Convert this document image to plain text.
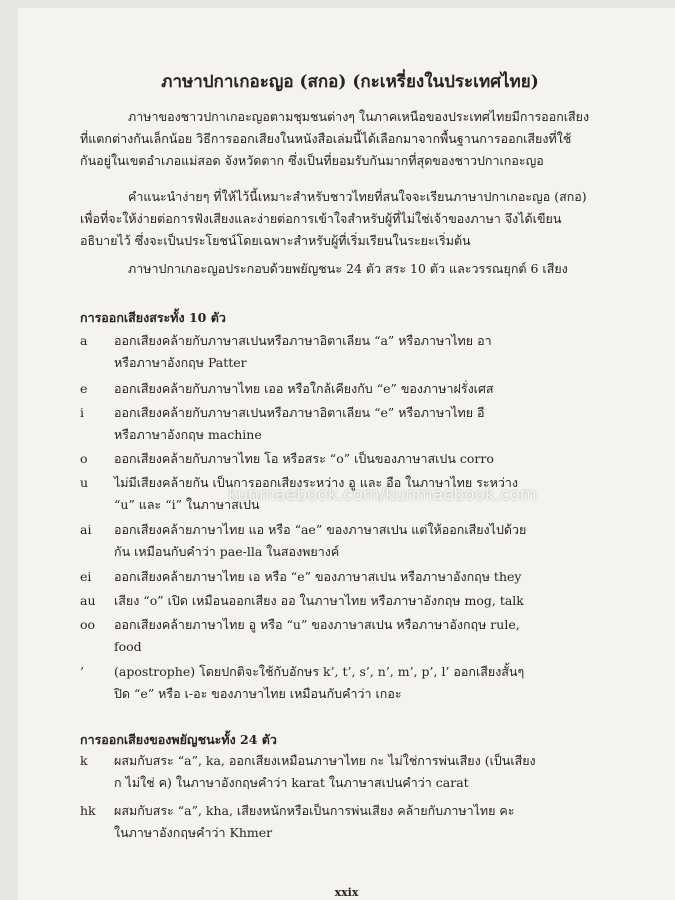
ภาษาปกาเกอะญอ (สกอ) (กะเหรี่ยงในประเทศไทย)
ภาษาของชาวปกาเกอะญอตามชุมชนต่างๆ ในภาคเหนือของประเทศไทยมีการออกเสียง
ที่แตกต่างกันเล็กน้อย วิธีการออกเสียงในหนังสือเล่มนี้ได้เลือกมาจากพื้นฐานการออกเสียงที่ใช้
กันอยู่ในเขตอำเภอแม่สอด จังหวัดตาก ซึ่งเป็นที่ยอมรับกันมากที่สุดของชาวปกาเกอะญอ
คำแนะนำง่ายๆ ที่ให้ไว้นี้เหมาะสำหรับชาวไทยที่สนใจจะเรียนภาษาปกาเกอะญอ (สกอ)
เพื่อที่จะให้ง่ายต่อการฟังเสียงและง่ายต่อการเข้าใจสำหรับผู้ที่ไม่ใช่เจ้าของภาษา จึงได้เขียน
อธิบายไว้ ซึ่งจะเป็นประโยชน์โดยเฉพาะสำหรับผู้ที่เริ่มเรียนในระยะเริ่มต้น
ภาษาปกาเกอะญอประกอบด้วยพยัญชนะ 24 ตัว สระ 10 ตัว และวรรณยุกต์ 6 เสียง
การออกเสียงสระทั้ง 10 ตัว
a	ออกเสียงคล้ายกับภาษาสเปนหรือภาษาอิตาเลียน “a” หรือภาษาไทย อา
หรือภาษาอังกฤษ Patter
e	ออกเสียงคล้ายกับภาษาไทย เออ หรือใกล้เคียงกับ “e” ของภาษาฝรั่งเศส
i	ออกเสียงคล้ายกับภาษาสเปนหรือภาษาอิตาเลียน “e” หรือภาษาไทย อี
หรือภาษาอังกฤษ machine
o	ออกเสียงคล้ายกับภาษาไทย โอ หรือสระ “o” เป็นของภาษาสเปน corro
u	ไม่มีเสียงคล้ายกัน เป็นการออกเสียงระหว่าง อู และ อือ ในภาษาไทย ระหว่าง
“u” และ “i” ในภาษาสเปน
ai	ออกเสียงคล้ายภาษาไทย แอ หรือ “ae” ของภาษาสเปน แต่ให้ออกเสียงไปด้วย
กัน เหมือนกับคำว่า pae-lla ในสองพยางค์
ei	ออกเสียงคล้ายภาษาไทย เอ หรือ “e” ของภาษาสเปน หรือภาษาอังกฤษ they
au	เสียง “o” เปิด เหมือนออกเสียง ออ ในภาษาไทย หรือภาษาอังกฤษ mog, talk
oo	ออกเสียงคล้ายภาษาไทย อู หรือ “u” ของภาษาสเปน หรือภาษาอังกฤษ rule,
food
’	(apostrophe) โดยปกติจะใช้กับอักษร k’, t’, s’, n’, m’, p’, l’ ออกเสียงสั้นๆ
ปิด “e” หรือ เ-อะ ของภาษาไทย เหมือนกับคำว่า เกอะ
การออกเสียงของพยัญชนะทั้ง 24 ตัว
k	ผสมกับสระ “a”, ka, ออกเสียงเหมือนภาษาไทย กะ ไม่ใช่การพ่นเสียง (เป็นเสียง
ก ไม่ใช่ ค) ในภาษาอังกฤษคำว่า karat ในภาษาสเปนคำว่า carat
hk	ผสมกับสระ “a”, kha, เสียงหนักหรือเป็นการพ่นเสียง คล้ายกับภาษาไทย คะ
ในภาษาอังกฤษคำว่า Khmer
kunmaebook.com/kunmaebook.com
xxix
